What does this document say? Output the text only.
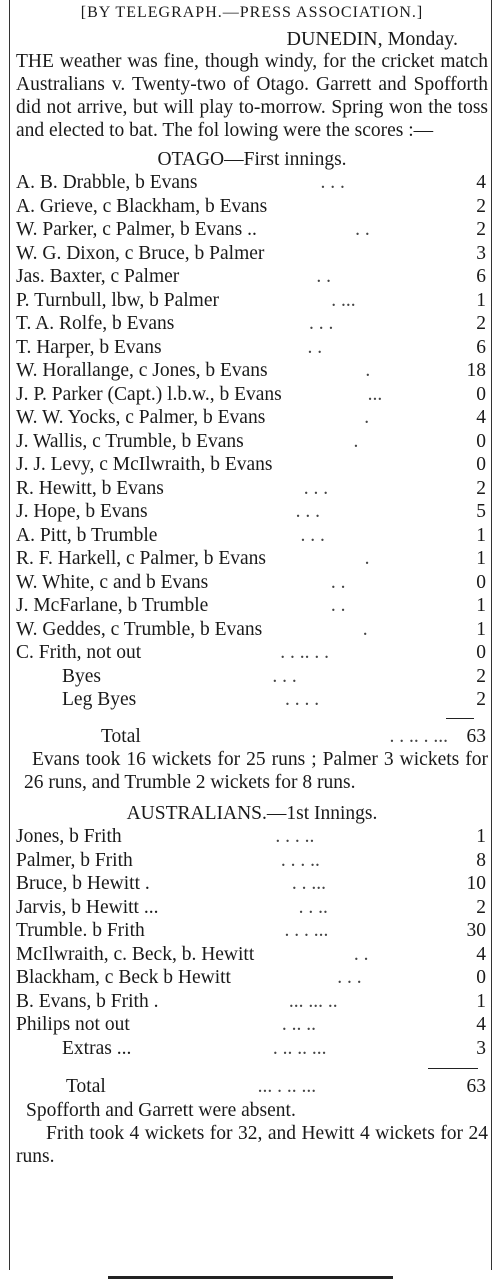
[BY TELEGRAPH.—PRESS ASSOCIATION.]
DUNEDIN, Monday.
THE weather was fine, though windy, for the cricket match Australians v. Twenty-two of Otago. Garrett and Spofforth did not arrive, but will play to-morrow. Spring won the toss and elected to bat. The fol lowing were the scores :—
OTAGO—First innings.
A. B. Drabble, b Evans	. . .	4
A. Grieve, c Blackham, b Evans	2
W. Parker, c Palmer, b Evans ..	. .	2
W. G. Dixon, c Bruce, b Palmer	3
Jas. Baxter, c Palmer	. .	6
P. Turnbull, lbw, b Palmer	. ...	1
T. A. Rolfe, b Evans	. . .	2
T. Harper, b Evans	. .	6
W. Horallange, c Jones, b Evans	.	18
J. P. Parker (Capt.) l.b.w., b Evans	...	0
W. W. Yocks, c Palmer, b Evans	.	4
J. Wallis, c Trumble, b Evans	.	0
J. J. Levy, c McIlwraith, b Evans	0
R. Hewitt, b Evans	. . .	2
J. Hope, b Evans	. . .	5
A. Pitt, b Trumble	. . .	1
R. F. Harkell, c Palmer, b Evans	.	1
W. White, c and b Evans	. .	0
J. McFarlane, b Trumble	. .	1
W. Geddes, c Trumble, b Evans	.	1
C. Frith, not out	. . .. . .	0
Byes	. . .	2
Leg Byes	. . . .	2
Total	. . .. . ... 63
Evans took 16 wickets for 25 runs ; Palmer 3 wickets for 26 runs, and Trumble 2 wickets for 8 runs.
AUSTRALIANS.—1st Innings.
Jones, b Frith	. . . ..	1
Palmer, b Frith	. . . ..	8
Bruce, b Hewitt .	. . ...	10
Jarvis, b Hewitt ...	. . ..	2
Trumble. b Frith	. . . ...	30
McIlwraith, c. Beck, b. Hewitt	. .	4
Blackham, c Beck b Hewitt	. . .	0
B. Evans, b Frith .	... ... ..	1
Philips not out	. .. ..	4
Extras ...	. .. .. ...	3
Total	... . .. ...	63
Spofforth and Garrett were absent.
Frith took 4 wickets for 32, and Hewitt 4 wickets for 24 runs.
